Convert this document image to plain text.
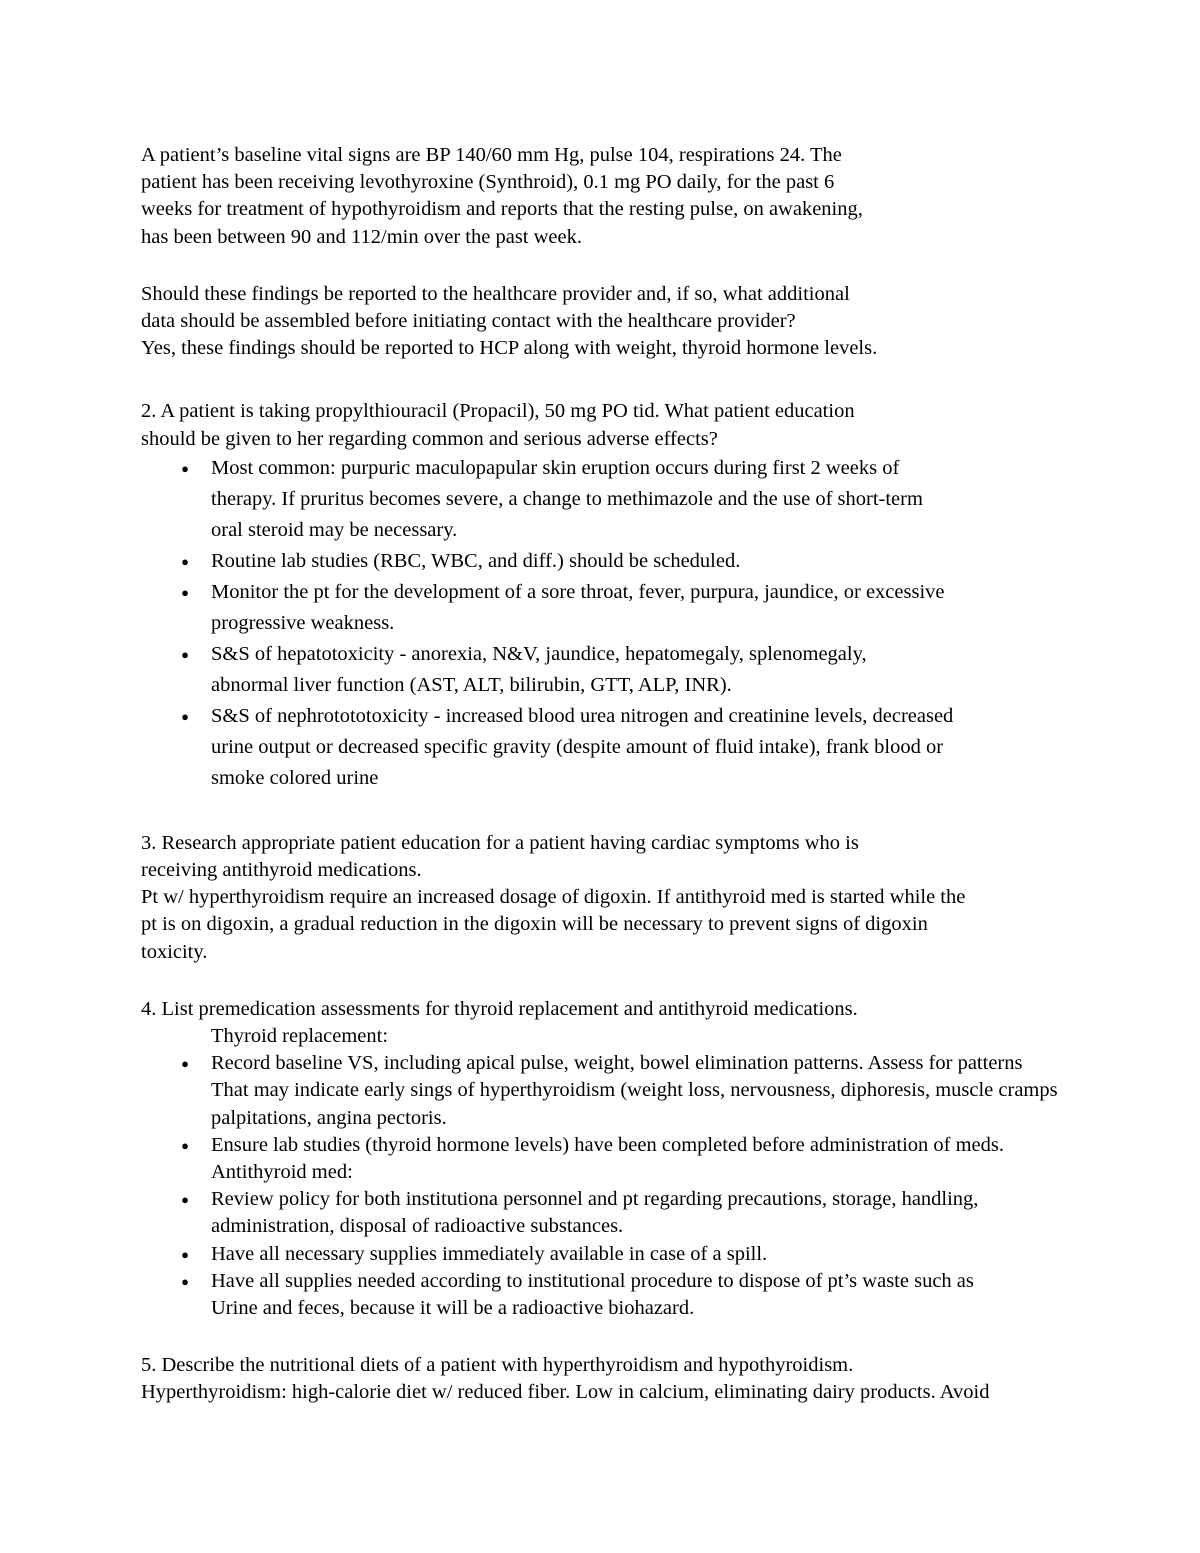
A patient’s baseline vital signs are BP 140/60 mm Hg, pulse 104, respirations 24. The

patient has been receiving levothyroxine (Synthroid), 0.1 mg PO daily, for the past 6

weeks for treatment of hypothyroidism and reports that the resting pulse, on awakening,

has been between 90 and 112/min over the past week.

Should these findings be reported to the healthcare provider and, if so, what additional

data should be assembled before initiating contact with the healthcare provider?

Yes, these findings should be reported to HCP along with weight, thyroid hormone levels.

2. A patient is taking propylthiouracil (Propacil), 50 mg PO tid. What patient education

should be given to her regarding common and serious adverse effects?

● Most common: purpuric maculopapular skin eruption occurs during first 2 weeks of
therapy. If pruritus becomes severe, a change to methimazole and the use of short-term
oral steroid may be necessary.
● Routine lab studies (RBC, WBC, and diff.) should be scheduled.
● Monitor the pt for the development of a sore throat, fever, purpura, jaundice, or excessive
progressive weakness.
● S&S of hepatotoxicity - anorexia, N&V, jaundice, hepatomegaly, splenomegaly,
abnormal liver function (AST, ALT, bilirubin, GTT, ALP, INR).
● S&S of nephrotototoxicity - increased blood urea nitrogen and creatinine levels, decreased
urine output or decreased specific gravity (despite amount of fluid intake), frank blood or
smoke colored urine

3. Research appropriate patient education for a patient having cardiac symptoms who is

receiving antithyroid medications.

Pt w/ hyperthyroidism require an increased dosage of digoxin. If antithyroid med is started while the

pt is on digoxin, a gradual reduction in the digoxin will be necessary to prevent signs of digoxin

toxicity.

4. List premedication assessments for thyroid replacement and antithyroid medications.

Thyroid replacement:

● Record baseline VS, including apical pulse, weight, bowel elimination patterns. Assess for patterns
That may indicate early sings of hyperthyroidism (weight loss, nervousness, diphoresis, muscle cramps
palpitations, angina pectoris.
● Ensure lab studies (thyroid hormone levels) have been completed before administration of meds.

Antithyroid med:

● Review policy for both institutiona personnel and pt regarding precautions, storage, handling,
administration, disposal of radioactive substances.
● Have all necessary supplies immediately available in case of a spill.
● Have all supplies needed according to institutional procedure to dispose of pt’s waste such as
Urine and feces, because it will be a radioactive biohazard.

5. Describe the nutritional diets of a patient with hyperthyroidism and hypothyroidism.

Hyperthyroidism: high-calorie diet w/ reduced fiber. Low in calcium, eliminating dairy products. Avoid
